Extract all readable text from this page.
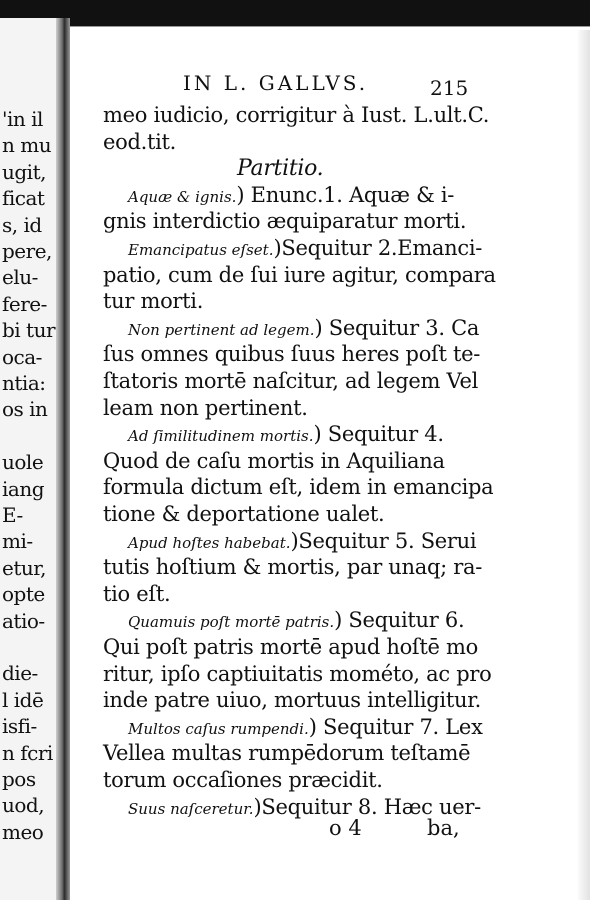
'in il
n mu
ugit,
ficat
s, id
pere,
elu-
fere-
bi tur
oca-
ntia:
os in
uole
iang
E-
mi-
etur,
opte
atio-
die-
l idē
isfi-
n fcri
pos
uod,
meo
IN L. GALLVS.	215
meo iudicio, corrigitur à Iust. L.ult.C.
eod.tit.
Partitio.
Aquæ & ignis.) Enunc.1. Aquæ & i-
gnis interdictio æquiparatur morti.
Emancipatus eſset.)Sequitur 2.Emanci-
patio, cum de ſui iure agitur, compara
tur morti.
Non pertinent ad legem.) Sequitur 3. Ca
ſus omnes quibus ſuus heres poſt te-
ſtatoris mortē naſcitur, ad legem Vel
leam non pertinent.
Ad ſimilitudinem mortis.) Sequitur 4.
Quod de caſu mortis in Aquiliana
formula dictum eſt, idem in emancipa
tione & deportatione ualet.
Apud hoſtes habebat.)Sequitur 5. Serui
tutis hoſtium & mortis, par unaq; ra-
tio eſt.
Quamuis poſt mortē patris.) Sequitur 6.
Qui poſt patris mortē apud hoſtē mo
ritur, ipſo captiuitatis mométo, ac pro
inde patre uiuo, mortuus intelligitur.
Multos caſus rumpendi.) Sequitur 7. Lex
Vellea multas rumpēdorum teſtamē
torum occaſiones præcidit.
Suus naſceretur.)Sequitur 8. Hæc uer-
o 4	ba,
